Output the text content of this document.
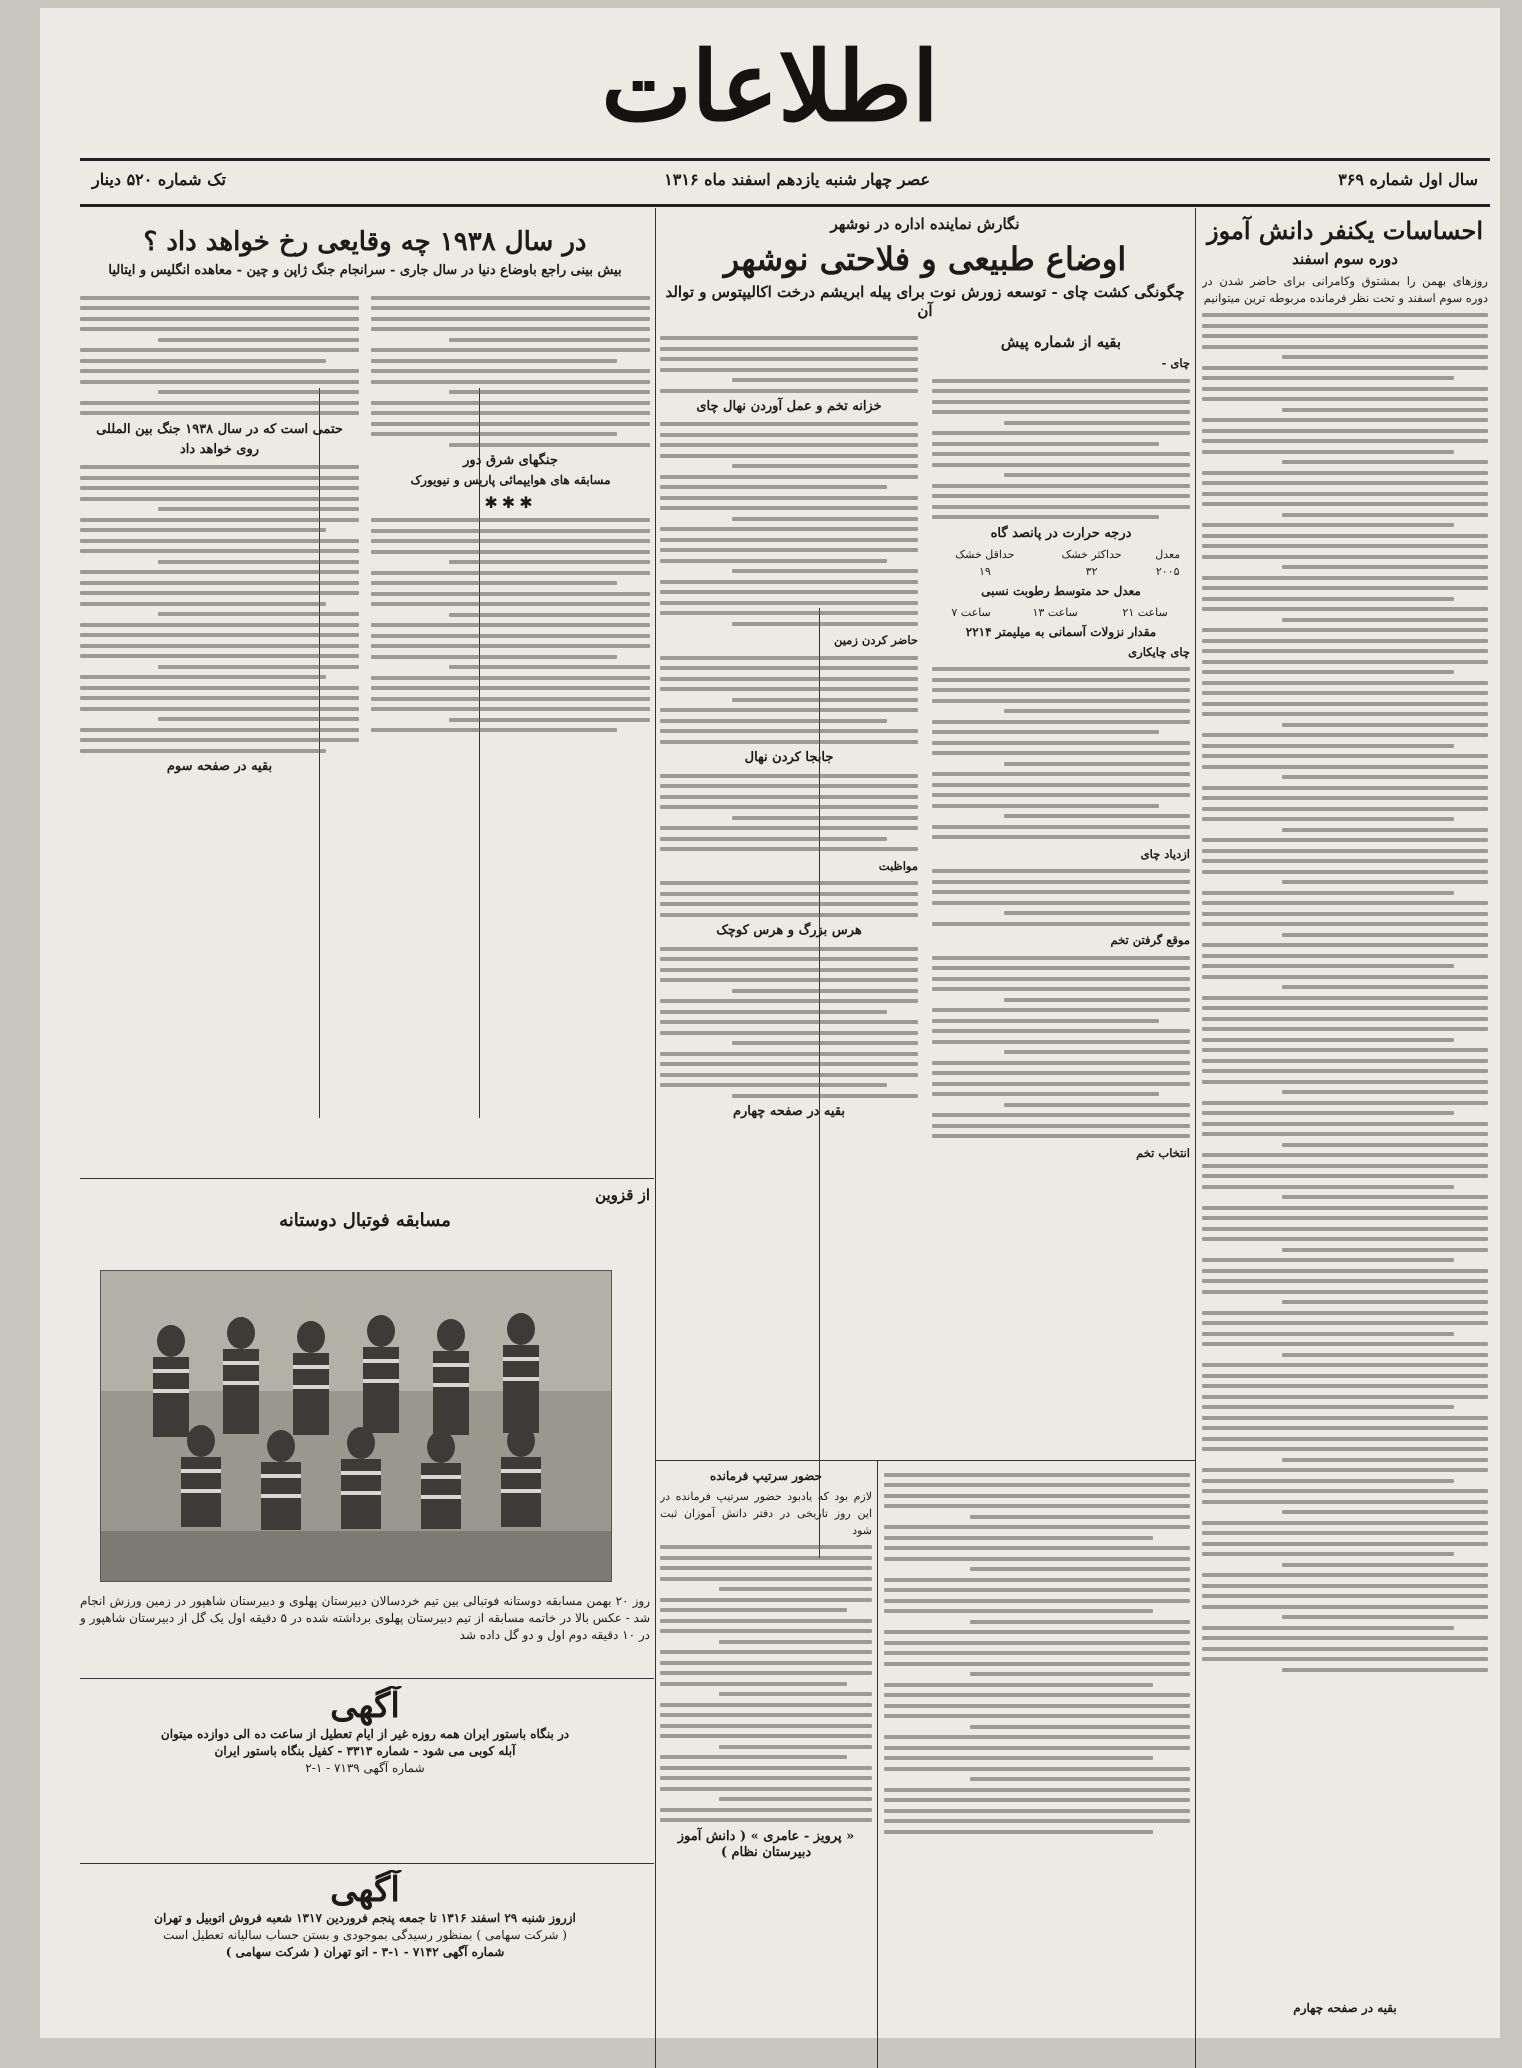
اطلاعات
سال اول شماره ۳۶۹
عصر چهار شنبه یازدهم اسفند ماه ۱۳۱۶
تک شماره ۵۲۰ دینار
احساسات یکنفر دانش آموز
دوره سوم اسفند

روزهای بهمن را بمشتوق وکامرانی برای حاضر شدن در دوره سوم اسفند و تحت نظر فرمانده مربوطه ترین میتوانیم

نگارش نماینده اداره در نوشهر
اوضاع طبیعی و فلاحتی نوشهر
چگونگی کشت چای - توسعه زورش نوت برای پیله ابریشم درخت اکالیپتوس و توالد آن
بقیه از شماره پیش
چای -
درجه حرارت در پانصد گاه
معدل	حداکثر خشک	حداقل خشک
۲۰۰۵	۳۲	۱۹
معدل حد متوسط رطوبت نسبی
ساعت ۲۱	ساعت ۱۳	ساعت ۷
مقدار نزولات آسمانی به میلیمتر ۲۲۱۴
چای چایکاری
ازدیاد چای
موقع گرفتن تخم
انتخاب تخم
خزانه تخم و عمل آوردن نهال چای
حاضر کردن زمین
جابجا کردن نهال
مواظبت
هرس بزرگ و هرس کوچک
بقیه در صفحه چهارم
در سال ۱۹۳۸ چه وقایعی رخ خواهد داد ؟
بیش بینی راجع باوضاع دنیا در سال جاری - سرانجام جنگ ژاپن و چین - معاهده انگلیس و ایتالیا
جنگهای شرق دور
مسابقه های هوایپمائی پاریس و نیویورک
✱✱✱
حتمی است که در سال ۱۹۳۸ جنگ بین المللی
روی خواهد داد
بقیه در صفحه سوم
از قزوین
مسابقه فوتبال دوستانه
روز ۲۰ بهمن مسابقه دوستانه فوتبالی بین تیم خردسالان دبیرستان پهلوی و دبیرستان شاهپور در زمین ورزش انجام شد - عکس بالا در خاتمه مسابقه از تیم دبیرستان پهلوی برداشته شده در ۵ دقیقه اول یک گل از دبیرستان شاهپور و در ۱۰ دقیقه دوم اول و دو گل داده شد
آگهی
در بنگاه باستور ایران همه روزه غیر از ایام تعطیل از ساعت ده الی دوازده میتوان
آبله کوبی می شود - شماره ۳۳۱۳ - کفیل بنگاه باستور ایران
شماره آگهی ۷۱۳۹ - ۱-۲
آگهی
ازروز شنبه ۲۹ اسفند ۱۳۱۶ تا جمعه پنجم فروردین ۱۳۱۷ شعبه فروش اتوبیل و تهران
( شرکت سهامی ) بمنظور رسیدگی بموجودی و بستن حساب سالیانه تعطیل است
شماره آگهی ۷۱۴۲ - ۱-۳ - اتو تهران ( شرکت سهامی )
حضور سرتیپ فرمانده
لازم بود که یادبود حضور سرتیپ فرمانده در این روز تاریخی در دفتر دانش آموزان ثبت شود
« پرویز - عامری » ( دانش آموز دبیرستان نظام )
بقیه در صفحه چهارم
